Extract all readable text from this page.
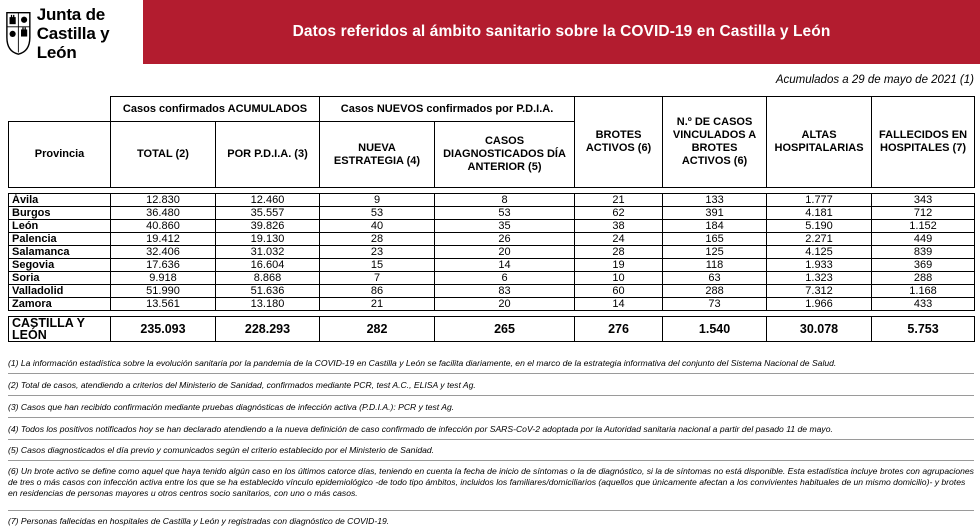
Junta de
Castilla y León
Datos referidos al ámbito sanitario sobre la COVID-19 en Castilla y León
Acumulados a 29 de mayo de 2021 (1)
	Casos confirmados ACUMULADOS		Casos NUEVOS confirmados por P.D.I.A.		BROTES ACTIVOS (6)	N.º DE CASOS VINCULADOS A BROTES ACTIVOS (6)	ALTAS HOSPITALARIAS	FALLECIDOS EN HOSPITALES (7)
Provincia	TOTAL (2)	POR P.D.I.A. (3)	NUEVA ESTRATEGIA (4)	CASOS DIAGNOSTICADOS DÍA ANTERIOR (5)				

Ávila	12.830	12.460	9	8	21	133	1.777	343
Burgos	36.480	35.557	53	53	62	391	4.181	712
León	40.860	39.826	40	35	38	184	5.190	1.152
Palencia	19.412	19.130	28	26	24	165	2.271	449
Salamanca	32.406	31.032	23	20	28	125	4.125	839
Segovia	17.636	16.604	15	14	19	118	1.933	369
Soria	9.918	8.868	7	6	10	63	1.323	288
Valladolid	51.990	51.636	86	83	60	288	7.312	1.168
Zamora	13.561	13.180	21	20	14	73	1.966	433

CASTILLA Y LEÓN	235.093	228.293	282	265	276	1.540	30.078	5.753
(1) La información estadística sobre la evolución sanitaria por la pandemia de la COVID-19 en Castilla y León se facilita diariamente, en el marco de la estrategia informativa del conjunto del Sistema Nacional de Salud.
(2) Total de casos, atendiendo a criterios del Ministerio de Sanidad, confirmados mediante PCR, test A.C., ELISA y test Ag.
(3) Casos que han recibido confirmación mediante pruebas diagnósticas de infección activa (P.D.I.A.): PCR y test Ag.
(4) Todos los positivos notificados hoy se han declarado atendiendo a la nueva definición de caso confirmado de infección por SARS-CoV-2 adoptada por la Autoridad sanitaria nacional a partir del pasado 11 de mayo.
(5) Casos diagnosticados el día previo y comunicados según el criterio establecido por el Ministerio de Sanidad.
(6) Un brote activo se define como aquel que haya tenido algún caso en los últimos catorce días, teniendo en cuenta la fecha de inicio de síntomas o la de diagnóstico, si la de síntomas no está disponible. Esta estadística incluye brotes con agrupaciones de tres o más casos con infección activa entre los que se ha establecido vínculo epidemiológico -de todo tipo ámbitos, incluidos los familiares/domiciliarios (aquellos que únicamente afectan a los convivientes habituales de un mismo domicilio)- y brotes en residencias de personas mayores u otros centros socio sanitarios, con uno o más casos.
(7) Personas fallecidas en hospitales de Castilla y León y registradas con diagnóstico de COVID-19.
